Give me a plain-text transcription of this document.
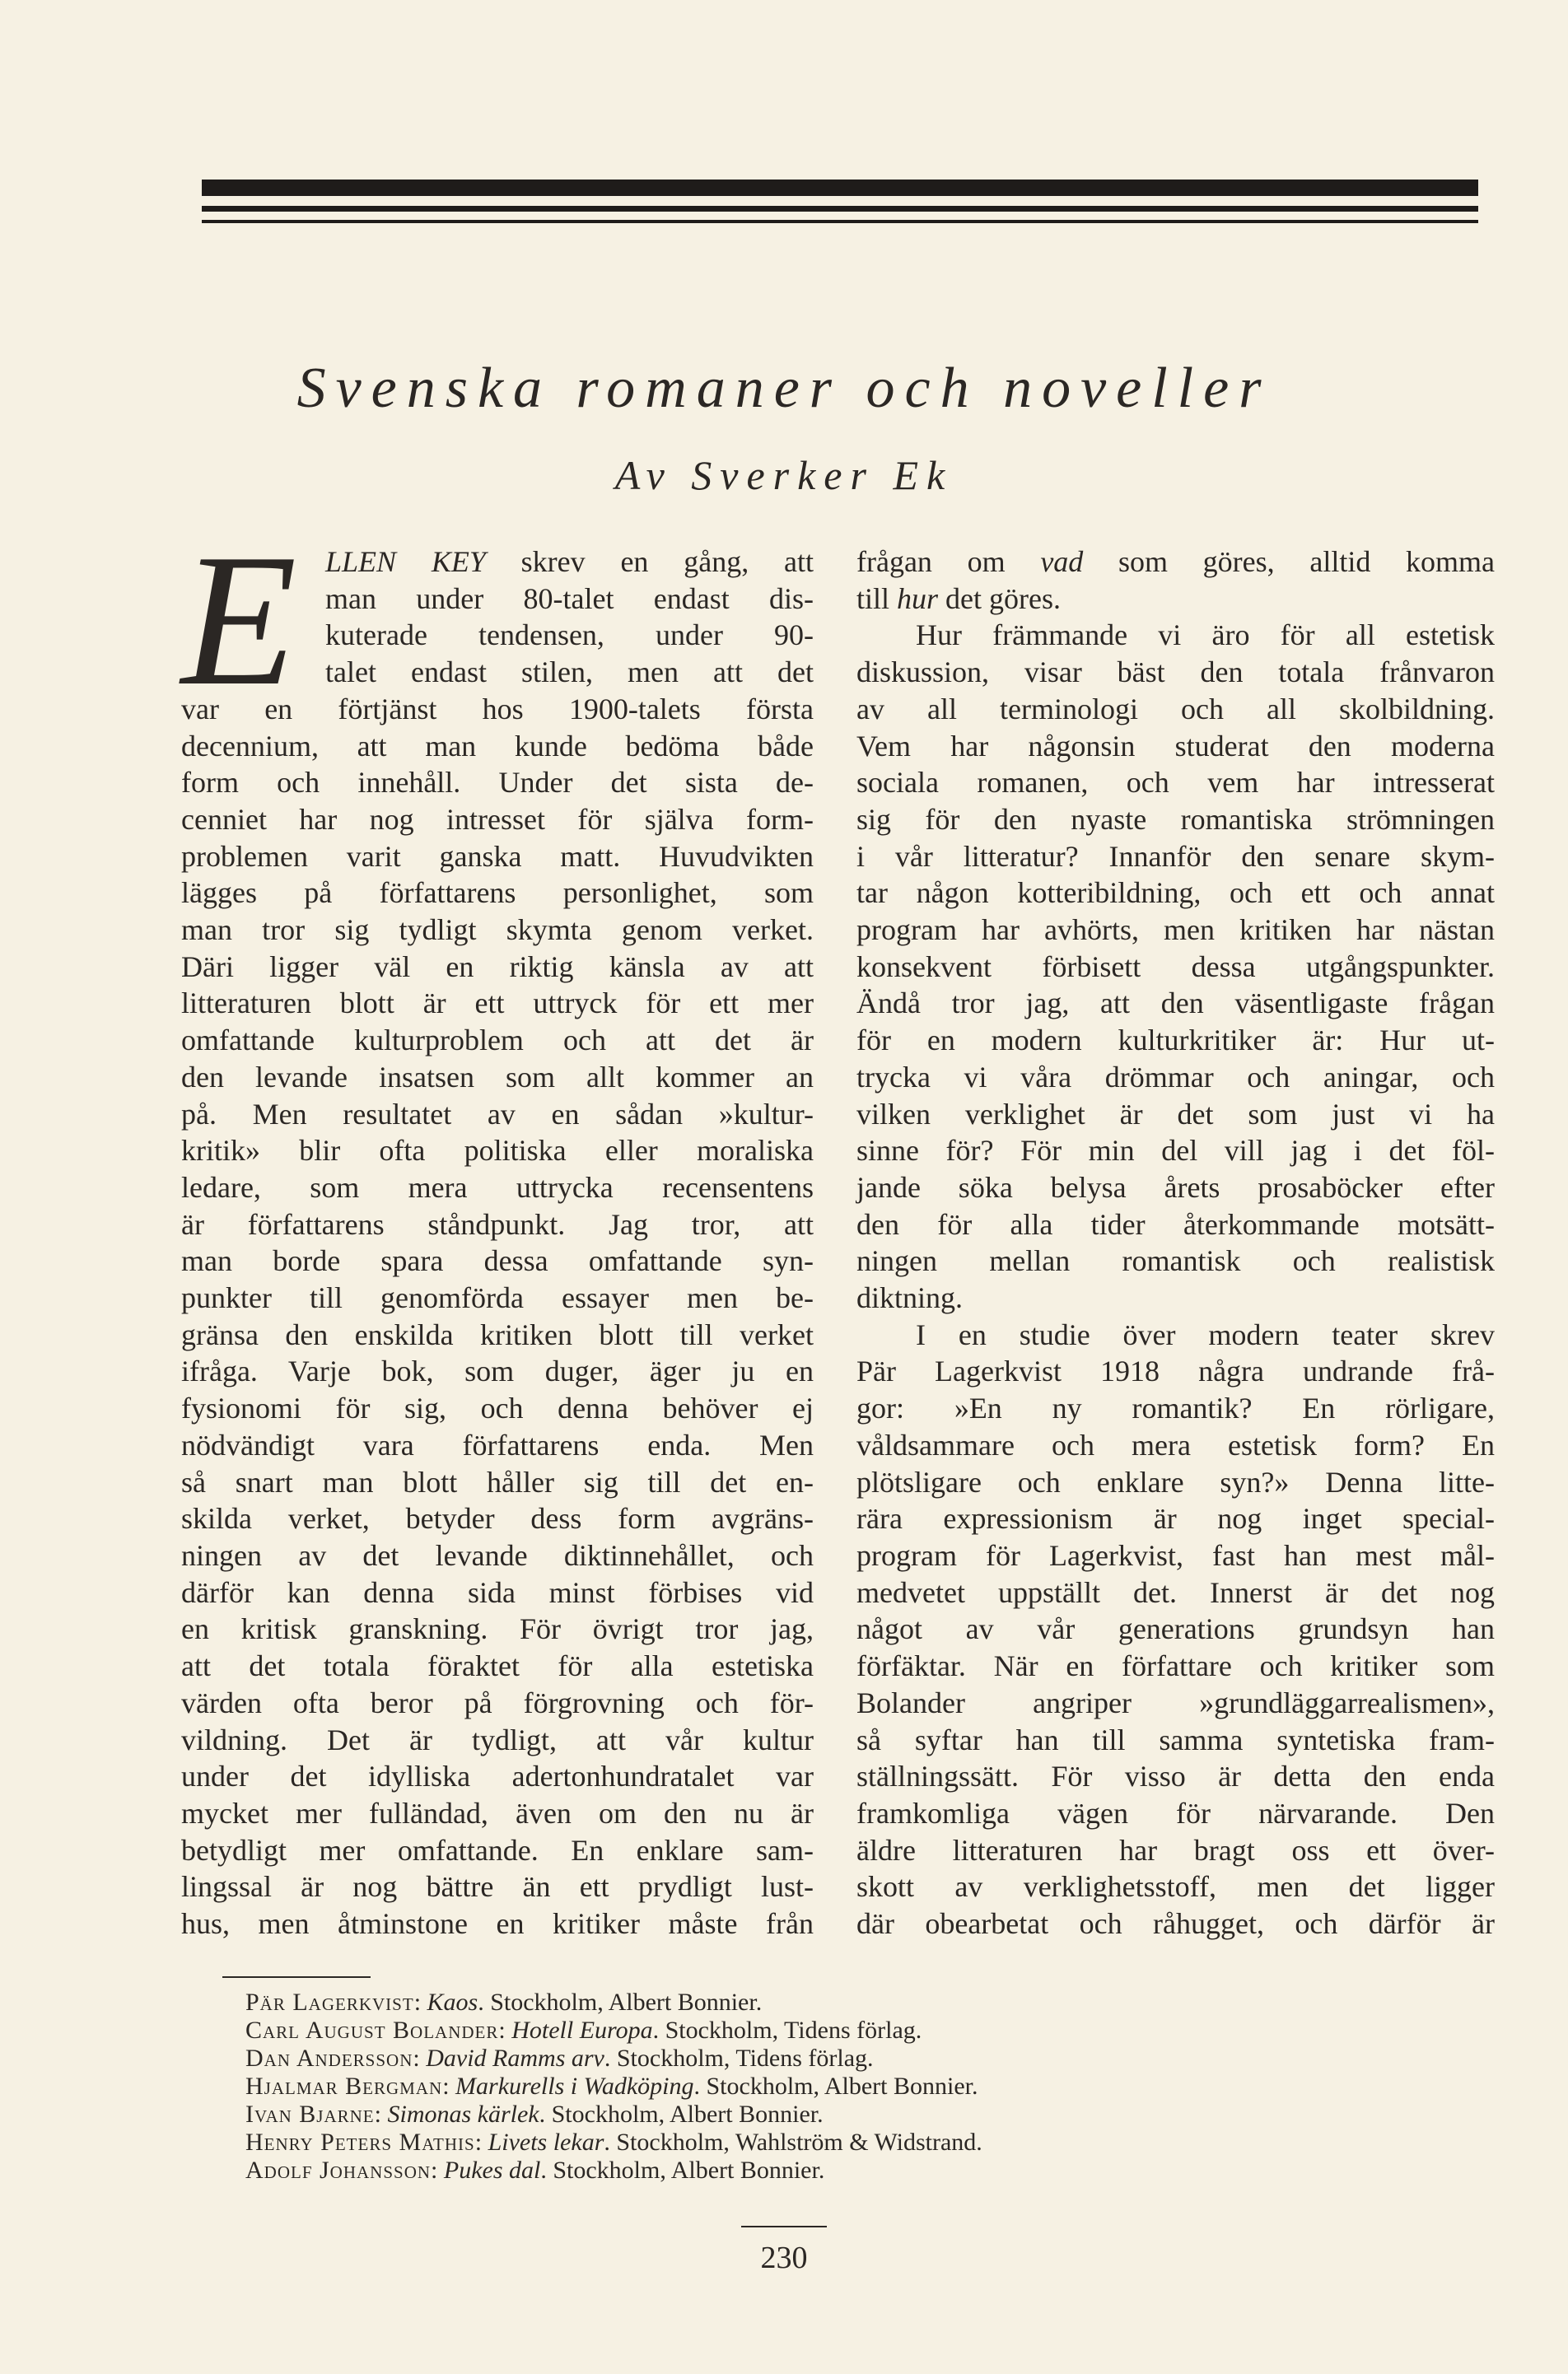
Svenska romaner och noveller
Av Sverker Ek
E LLEN KEY skrev en gång, att
man under 80-talet endast dis-
kuterade tendensen, under 90-
talet endast stilen, men att det
var en förtjänst hos 1900-talets första
decennium, att man kunde bedöma både
form och innehåll. Under det sista de-
cenniet har nog intresset för själva form-
problemen varit ganska matt. Huvudvikten
lägges på författarens personlighet, som
man tror sig tydligt skymta genom verket.
Däri ligger väl en riktig känsla av att
litteraturen blott är ett uttryck för ett mer
omfattande kulturproblem och att det är
den levande insatsen som allt kommer an
på. Men resultatet av en sådan »kultur-
kritik» blir ofta politiska eller moraliska
ledare, som mera uttrycka recensentens
är författarens ståndpunkt. Jag tror, att
man borde spara dessa omfattande syn-
punkter till genomförda essayer men be-
gränsa den enskilda kritiken blott till verket
ifråga. Varje bok, som duger, äger ju en
fysionomi för sig, och denna behöver ej
nödvändigt vara författarens enda. Men
så snart man blott håller sig till det en-
skilda verket, betyder dess form avgräns-
ningen av det levande diktinnehållet, och
därför kan denna sida minst förbises vid
en kritisk granskning. För övrigt tror jag,
att det totala föraktet för alla estetiska
värden ofta beror på förgrovning och för-
vildning. Det är tydligt, att vår kultur
under det idylliska adertonhundratalet var
mycket mer fulländad, även om den nu är
betydligt mer omfattande. En enklare sam-
lingssal är nog bättre än ett prydligt lust-
hus, men åtminstone en kritiker måste från
frågan om vad som göres, alltid komma
till hur det göres.
Hur främmande vi äro för all estetisk
diskussion, visar bäst den totala frånvaron
av all terminologi och all skolbildning.
Vem har någonsin studerat den moderna
sociala romanen, och vem har intresserat
sig för den nyaste romantiska strömningen
i vår litteratur? Innanför den senare skym-
tar någon kotteribildning, och ett och annat
program har avhörts, men kritiken har nästan
konsekvent förbisett dessa utgångspunkter.
Ändå tror jag, att den väsentligaste frågan
för en modern kulturkritiker är: Hur ut-
trycka vi våra drömmar och aningar, och
vilken verklighet är det som just vi ha
sinne för? För min del vill jag i det föl-
jande söka belysa årets prosaböcker efter
den för alla tider återkommande motsätt-
ningen mellan romantisk och realistisk
diktning.
I en studie över modern teater skrev
Pär Lagerkvist 1918 några undrande frå-
gor: »En ny romantik? En rörligare,
våldsammare och mera estetisk form? En
plötsligare och enklare syn?» Denna litte-
rära expressionism är nog inget special-
program för Lagerkvist, fast han mest mål-
medvetet uppställt det. Innerst är det nog
något av vår generations grundsyn han
förfäktar. När en författare och kritiker som
Bolander angriper »grundläggarrealismen»,
så syftar han till samma syntetiska fram-
ställningssätt. För visso är detta den enda
framkomliga vägen för närvarande. Den
äldre litteraturen har bragt oss ett över-
skott av verklighetsstoff, men det ligger
där obearbetat och råhugget, och därför är
Pär Lagerkvist: Kaos. Stockholm, Albert Bonnier.
Carl August Bolander: Hotell Europa. Stockholm, Tidens förlag.
Dan Andersson: David Ramms arv. Stockholm, Tidens förlag.
Hjalmar Bergman: Markurells i Wadköping. Stockholm, Albert Bonnier.
Ivan Bjarne: Simonas kärlek. Stockholm, Albert Bonnier.
Henry Peters Mathis: Livets lekar. Stockholm, Wahlström & Widstrand.
Adolf Johansson: Pukes dal. Stockholm, Albert Bonnier.
230
